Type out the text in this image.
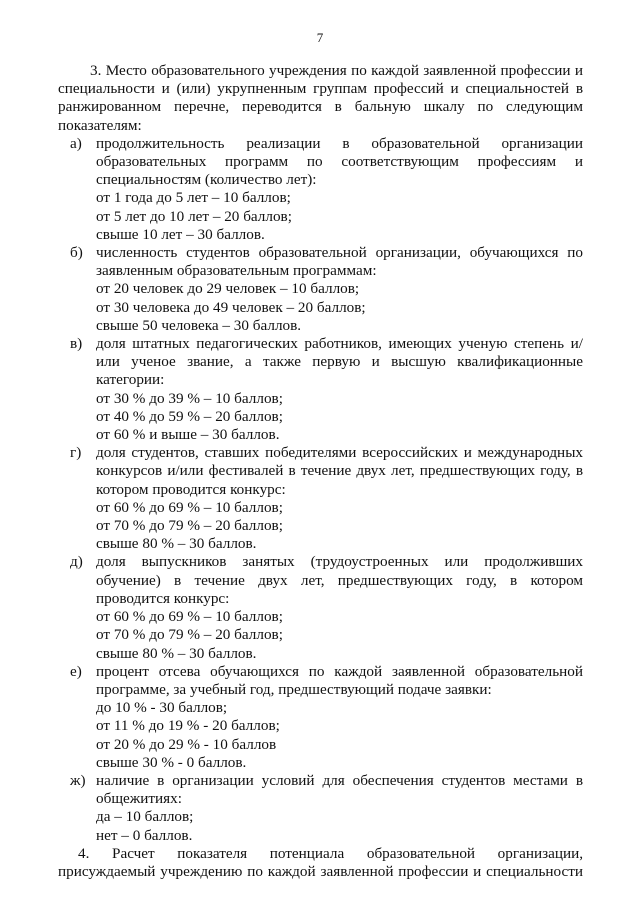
7

3. Место образовательного учреждения по каждой заявленной профессии и специальности и (или) укрупненным группам профессий и специальностей в ранжированном перечне, переводится в бальную шкалу по следующим показателям:

а) продолжительность реализации в образовательной организации образовательных программ по соответствующим профессиям и специальностям (количество лет):

от 1 года до 5 лет – 10 баллов;

от 5 лет до 10 лет – 20 баллов;

свыше 10 лет – 30 баллов.

б) численность студентов образовательной организации, обучающихся по заявленным образовательным программам:

от 20 человек до 29 человек – 10 баллов;

от 30 человека до 49 человек – 20 баллов;

свыше 50 человека – 30 баллов.

в) доля штатных педагогических работников, имеющих ученую степень и/или ученое звание, а также первую и высшую квалификационные категории:

от 30 % до 39 % – 10 баллов;

от 40 % до 59 % – 20 баллов;

от 60 % и выше – 30 баллов.

г) доля студентов, ставших победителями всероссийских и международных конкурсов и/или фестивалей в течение двух лет, предшествующих году, в котором проводится конкурс:

от 60 % до 69 % – 10 баллов;

от 70 % до 79 % – 20 баллов;

свыше 80 % – 30 баллов.

д) доля выпускников занятых (трудоустроенных или продолживших обучение) в течение двух лет, предшествующих году, в котором проводится конкурс:

от 60 % до 69 % – 10 баллов;

от 70 % до 79 % – 20 баллов;

свыше 80 % – 30 баллов.

е) процент отсева обучающихся по каждой заявленной образовательной программе, за учебный год, предшествующий подаче заявки:

до 10 % - 30 баллов;

от 11 % до 19 % - 20 баллов;

от 20 % до 29 % - 10 баллов

свыше 30 % - 0 баллов.

ж) наличие в организации условий для обеспечения студентов местами в общежитиях:

да – 10 баллов;

нет – 0 баллов.

4. Расчет показателя потенциала образовательной организации,

присуждаемый учреждению по каждой заявленной профессии и специальности
